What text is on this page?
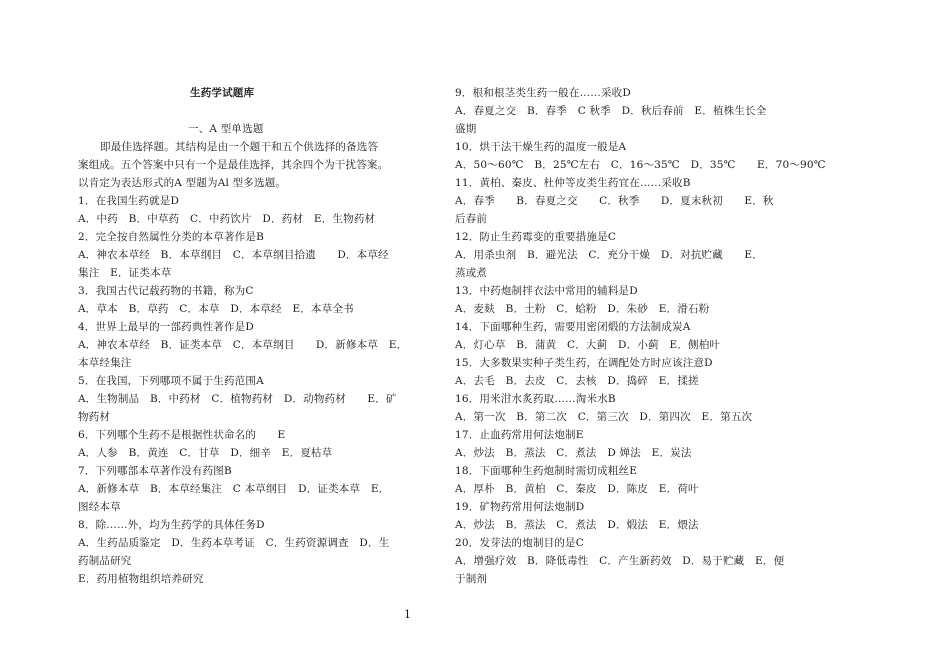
生药学试题库
一、A 型单选题
即最佳选择题。其结构是由一个题干和五个供选择的备选答
案组成。五个答案中只有一个是最佳选择，其余四个为干扰答案。
以肯定为表达形式的A 型题为Al 型多选题。
1．在我国生药就是D
A．中药　B．中草药　C．中药饮片　D．药材　E．生物药材
2．完全按自然属性分类的本草著作是B
A．神农本草经　B．本草纲目　C．本草纲目拾遗　　D．本草经
集注　E．证类本草
3．我国古代记载药物的书籍，称为C
A．草本　B．草药　C．本草　D．本草经　E．本草全书
4．世界上最早的一部药典性著作是D
A．神农本草经　B．证类本草　C．本草纲目　　D．新修本草　E．
本草经集注
5．在我国，下列哪项不属于生药范围A
A．生物制品　B．中药材　C．植物药材　D．动物药材　　E．矿
物药材
6．下列哪个生药不是根据性状命名的　　E
A．人参　B．黄连　C．甘草　D．细辛　E．夏枯草
7．下列哪部本草著作没有药图B
A．新修本草　B．本草经集注　C 本草纲目　D．证类本草　E．
图经本草
8．除……外，均为生药学的具体任务D
A．生药品质鉴定　D．生药本草考证　C．生药资源调查　D．生
药制品研究
E．药用植物组织培养研究
9．根和根茎类生药一般在……采收D
A．春夏之交　B．春季　C 秋季　D．秋后春前　E．植株生长全
盛期
10．烘干法干燥生药的温度一般是A
A．50～60℃　B．25℃左右　C．16～35℃　D．35℃　　E．70～90℃
11．黄柏、秦皮、杜仲等皮类生药宜在……采收B
A．春季　　B．春夏之交　　C．秋季　　D．夏末秋初　　E．秋
后春前
12．防止生药霉变的重要措施是C
A．用杀虫剂　B．避光法　C．充分干燥　D．对抗贮藏　　E．
蒸或煮
13．中药炮制拌衣法中常用的辅料是D
A．麦麸　B．土粉　C．蛤粉　D．朱砂　E．滑石粉
14．下面哪种生药，需要用密闭煅的方法制成炭A
A．灯心草　B．蒲黄　C．大蓟　D．小蓟　E．侧柏叶
15．大多数果实种子类生药，在调配处方时应该注意D
A．去毛　B．去皮　C．去核　D．捣碎　E．揉搓
16．用米泔水炙药取……淘米水B
A．第一次　B．第二次　C．第三次　D．第四次　E．第五次
17．止血药常用何法炮制E
A．炒法　B．蒸法　C．煮法　D 婵法　E．炭法
18．下面哪种生药炮制时需切成粗丝E
A．厚朴　B．黄柏　C．秦皮　D．陈皮　E．荷叶
19．矿物药常用何法炮制D
A．炒法　B．蒸法　C．煮法　D．煅法　E．煨法
20．发芽法的炮制目的是C
A．增强疗效　B．降低毒性　C．产生新药效　D．易于贮藏　E．便
于制剂
1
